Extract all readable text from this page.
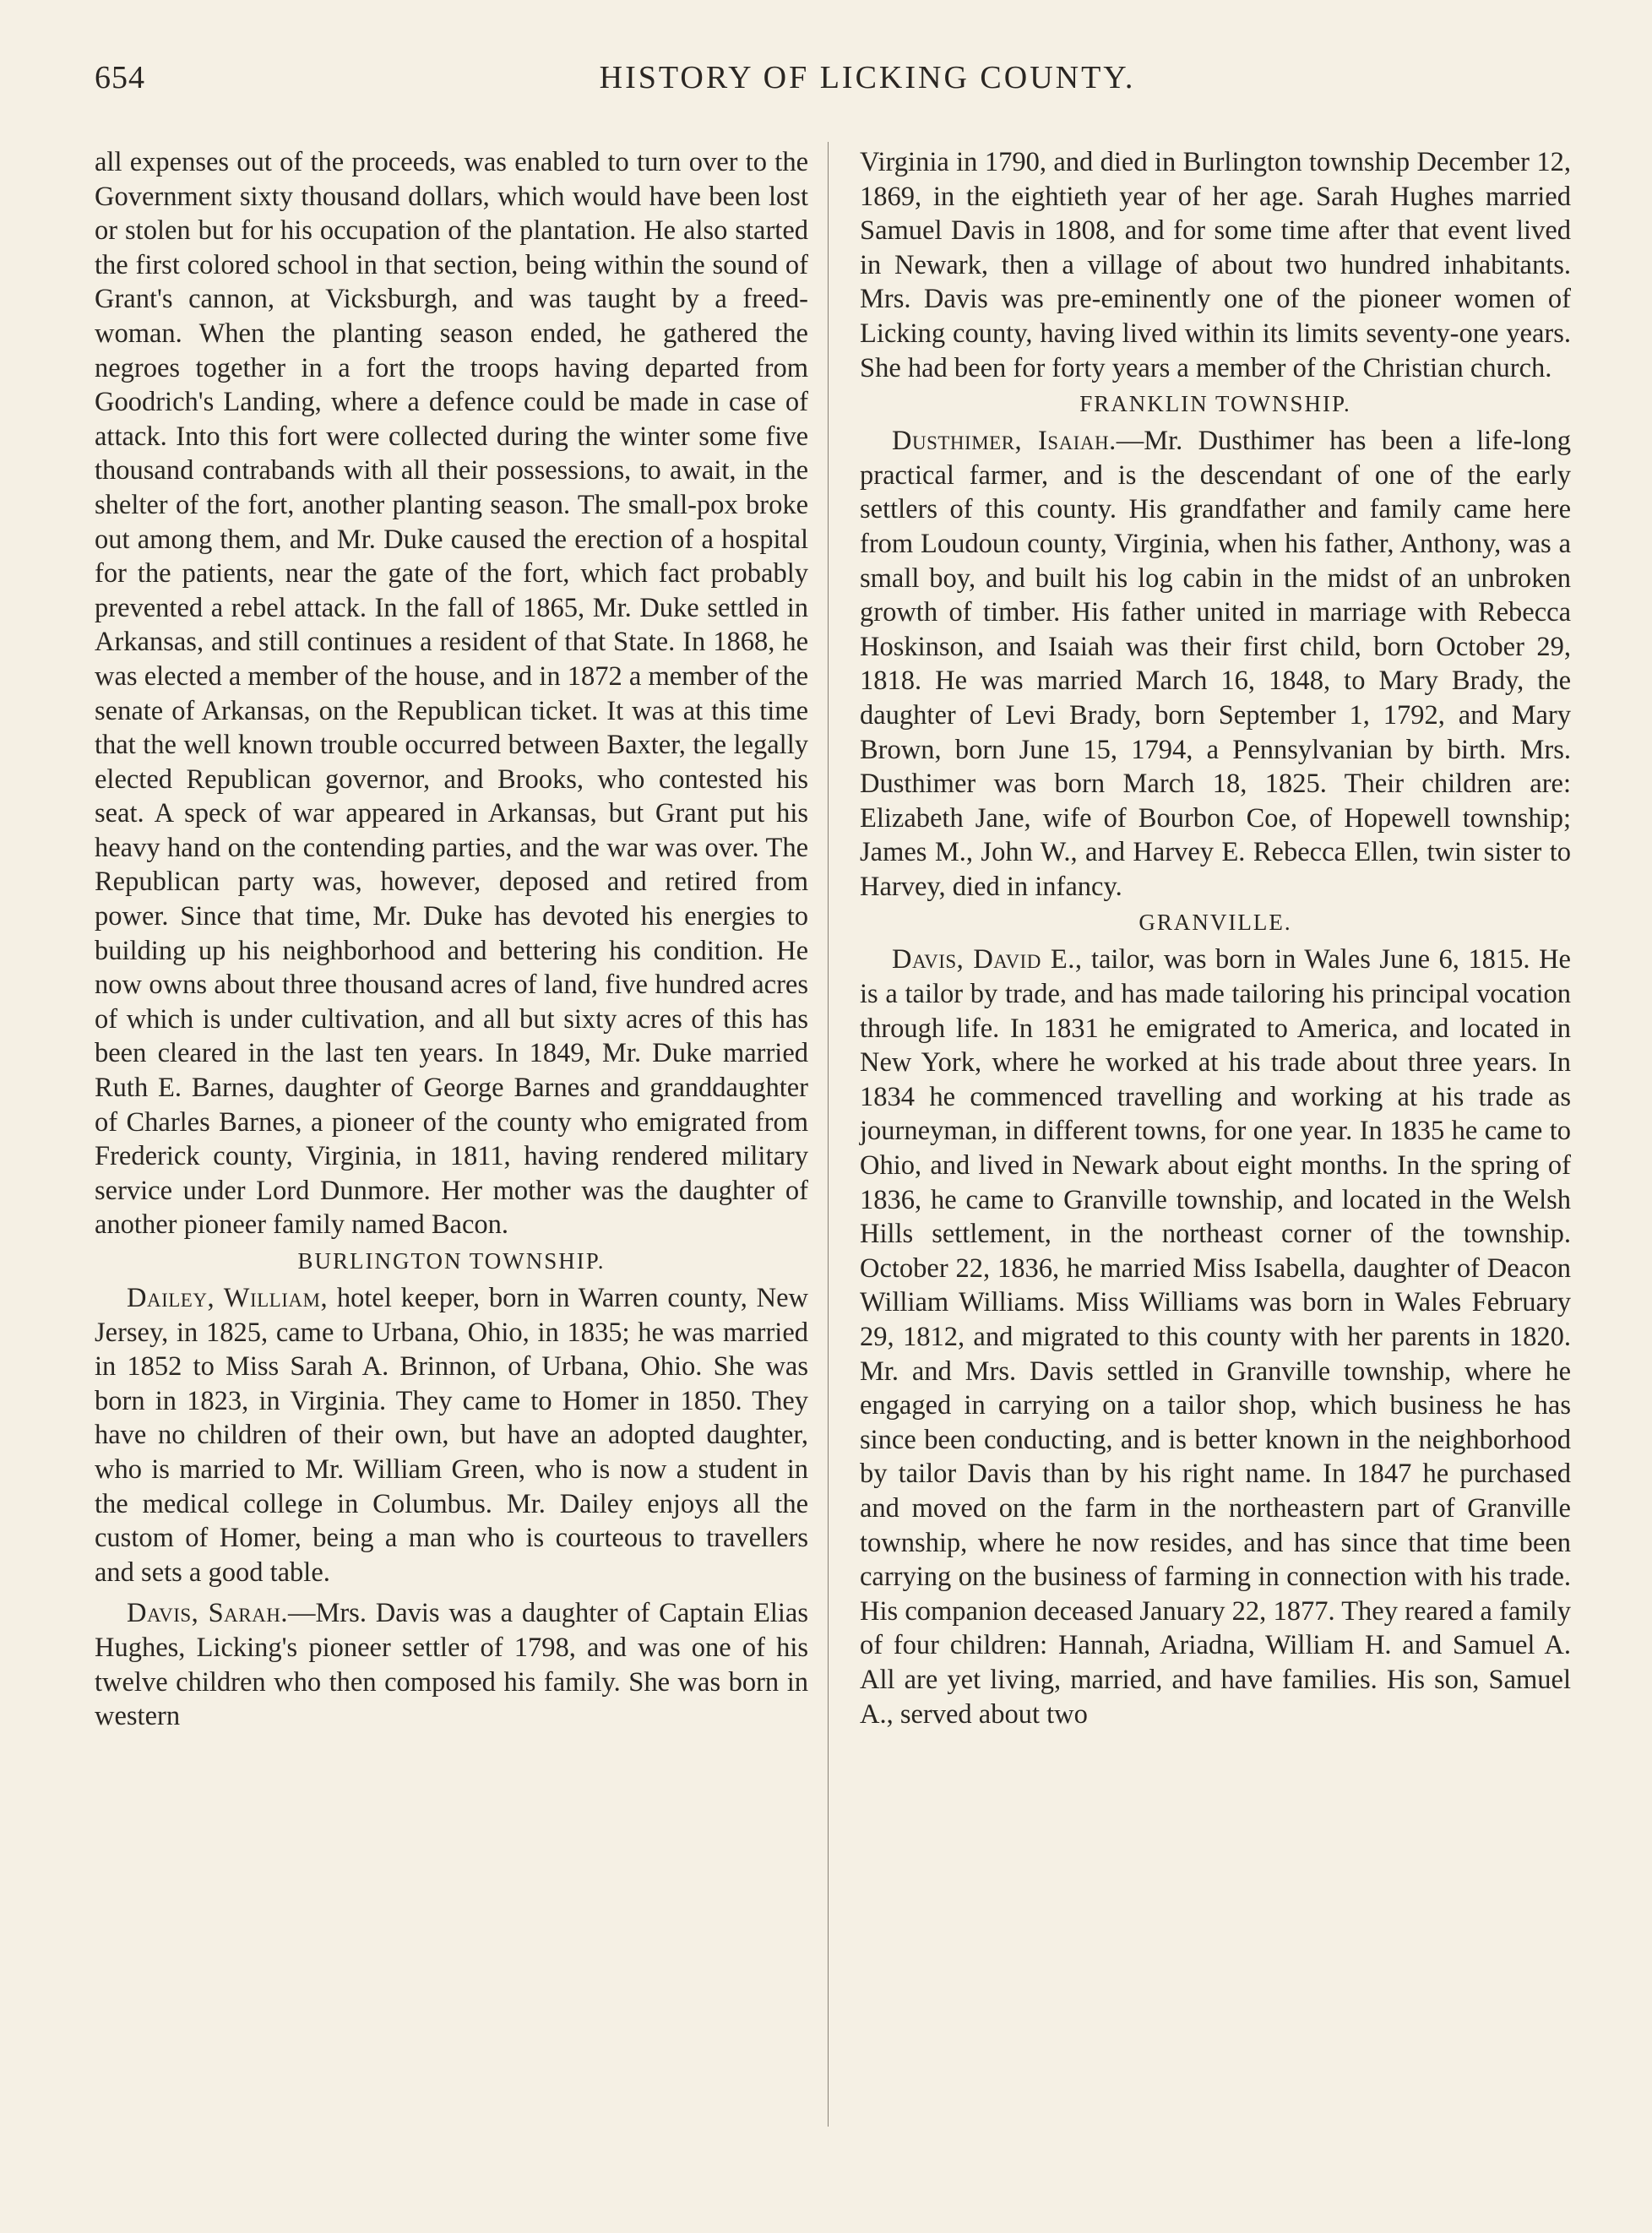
654	HISTORY OF LICKING COUNTY.

all expenses out of the proceeds, was enabled to turn over to the Government sixty thousand dollars, which would have been lost or stolen but for his occupation of the plantation. He also started the first colored school in that section, being within the sound of Grant's cannon, at Vicksburgh, and was taught by a freed-woman. When the planting season ended, he gathered the negroes together in a fort the troops having departed from Goodrich's Landing, where a defence could be made in case of attack. Into this fort were collected during the winter some five thousand contrabands with all their possessions, to await, in the shelter of the fort, another planting season. The small-pox broke out among them, and Mr. Duke caused the erection of a hospital for the patients, near the gate of the fort, which fact probably prevented a rebel attack. In the fall of 1865, Mr. Duke settled in Arkansas, and still continues a resident of that State. In 1868, he was elected a member of the house, and in 1872 a member of the senate of Arkansas, on the Republican ticket. It was at this time that the well known trouble occurred between Baxter, the legally elected Republican governor, and Brooks, who contested his seat. A speck of war appeared in Arkansas, but Grant put his heavy hand on the contending parties, and the war was over. The Republican party was, however, deposed and retired from power. Since that time, Mr. Duke has devoted his energies to building up his neighborhood and bettering his condition. He now owns about three thousand acres of land, five hundred acres of which is under cultivation, and all but sixty acres of this has been cleared in the last ten years. In 1849, Mr. Duke married Ruth E. Barnes, daughter of George Barnes and granddaughter of Charles Barnes, a pioneer of the county who emigrated from Frederick county, Virginia, in 1811, having rendered military service under Lord Dunmore. Her mother was the daughter of another pioneer family named Bacon.

BURLINGTON TOWNSHIP.

Dailey, William, hotel keeper, born in Warren county, New Jersey, in 1825, came to Urbana, Ohio, in 1835; he was married in 1852 to Miss Sarah A. Brinnon, of Urbana, Ohio. She was born in 1823, in Virginia. They came to Homer in 1850. They have no children of their own, but have an adopted daughter, who is married to Mr. William Green, who is now a student in the medical college in Columbus. Mr. Dailey enjoys all the custom of Homer, being a man who is courteous to travellers and sets a good table.

Davis, Sarah.—Mrs. Davis was a daughter of Captain Elias Hughes, Licking's pioneer settler of 1798, and was one of his twelve children who then composed his family. She was born in western

Virginia in 1790, and died in Burlington township December 12, 1869, in the eightieth year of her age. Sarah Hughes married Samuel Davis in 1808, and for some time after that event lived in Newark, then a village of about two hundred inhabitants. Mrs. Davis was pre-eminently one of the pioneer women of Licking county, having lived within its limits seventy-one years. She had been for forty years a member of the Christian church.

FRANKLIN TOWNSHIP.

Dusthimer, Isaiah.—Mr. Dusthimer has been a life-long practical farmer, and is the descendant of one of the early settlers of this county. His grandfather and family came here from Loudoun county, Virginia, when his father, Anthony, was a small boy, and built his log cabin in the midst of an unbroken growth of timber. His father united in marriage with Rebecca Hoskinson, and Isaiah was their first child, born October 29, 1818. He was married March 16, 1848, to Mary Brady, the daughter of Levi Brady, born September 1, 1792, and Mary Brown, born June 15, 1794, a Pennsylvanian by birth. Mrs. Dusthimer was born March 18, 1825. Their children are: Elizabeth Jane, wife of Bourbon Coe, of Hopewell township; James M., John W., and Harvey E. Rebecca Ellen, twin sister to Harvey, died in infancy.

GRANVILLE.

Davis, David E., tailor, was born in Wales June 6, 1815. He is a tailor by trade, and has made tailoring his principal vocation through life. In 1831 he emigrated to America, and located in New York, where he worked at his trade about three years. In 1834 he commenced travelling and working at his trade as journeyman, in different towns, for one year. In 1835 he came to Ohio, and lived in Newark about eight months. In the spring of 1836, he came to Granville township, and located in the Welsh Hills settlement, in the northeast corner of the township. October 22, 1836, he married Miss Isabella, daughter of Deacon William Williams. Miss Williams was born in Wales February 29, 1812, and migrated to this county with her parents in 1820. Mr. and Mrs. Davis settled in Granville township, where he engaged in carrying on a tailor shop, which business he has since been conducting, and is better known in the neighborhood by tailor Davis than by his right name. In 1847 he purchased and moved on the farm in the northeastern part of Granville township, where he now resides, and has since that time been carrying on the business of farming in connection with his trade. His companion deceased January 22, 1877. They reared a family of four children: Hannah, Ariadna, William H. and Samuel A. All are yet living, married, and have families. His son, Samuel A., served about two
